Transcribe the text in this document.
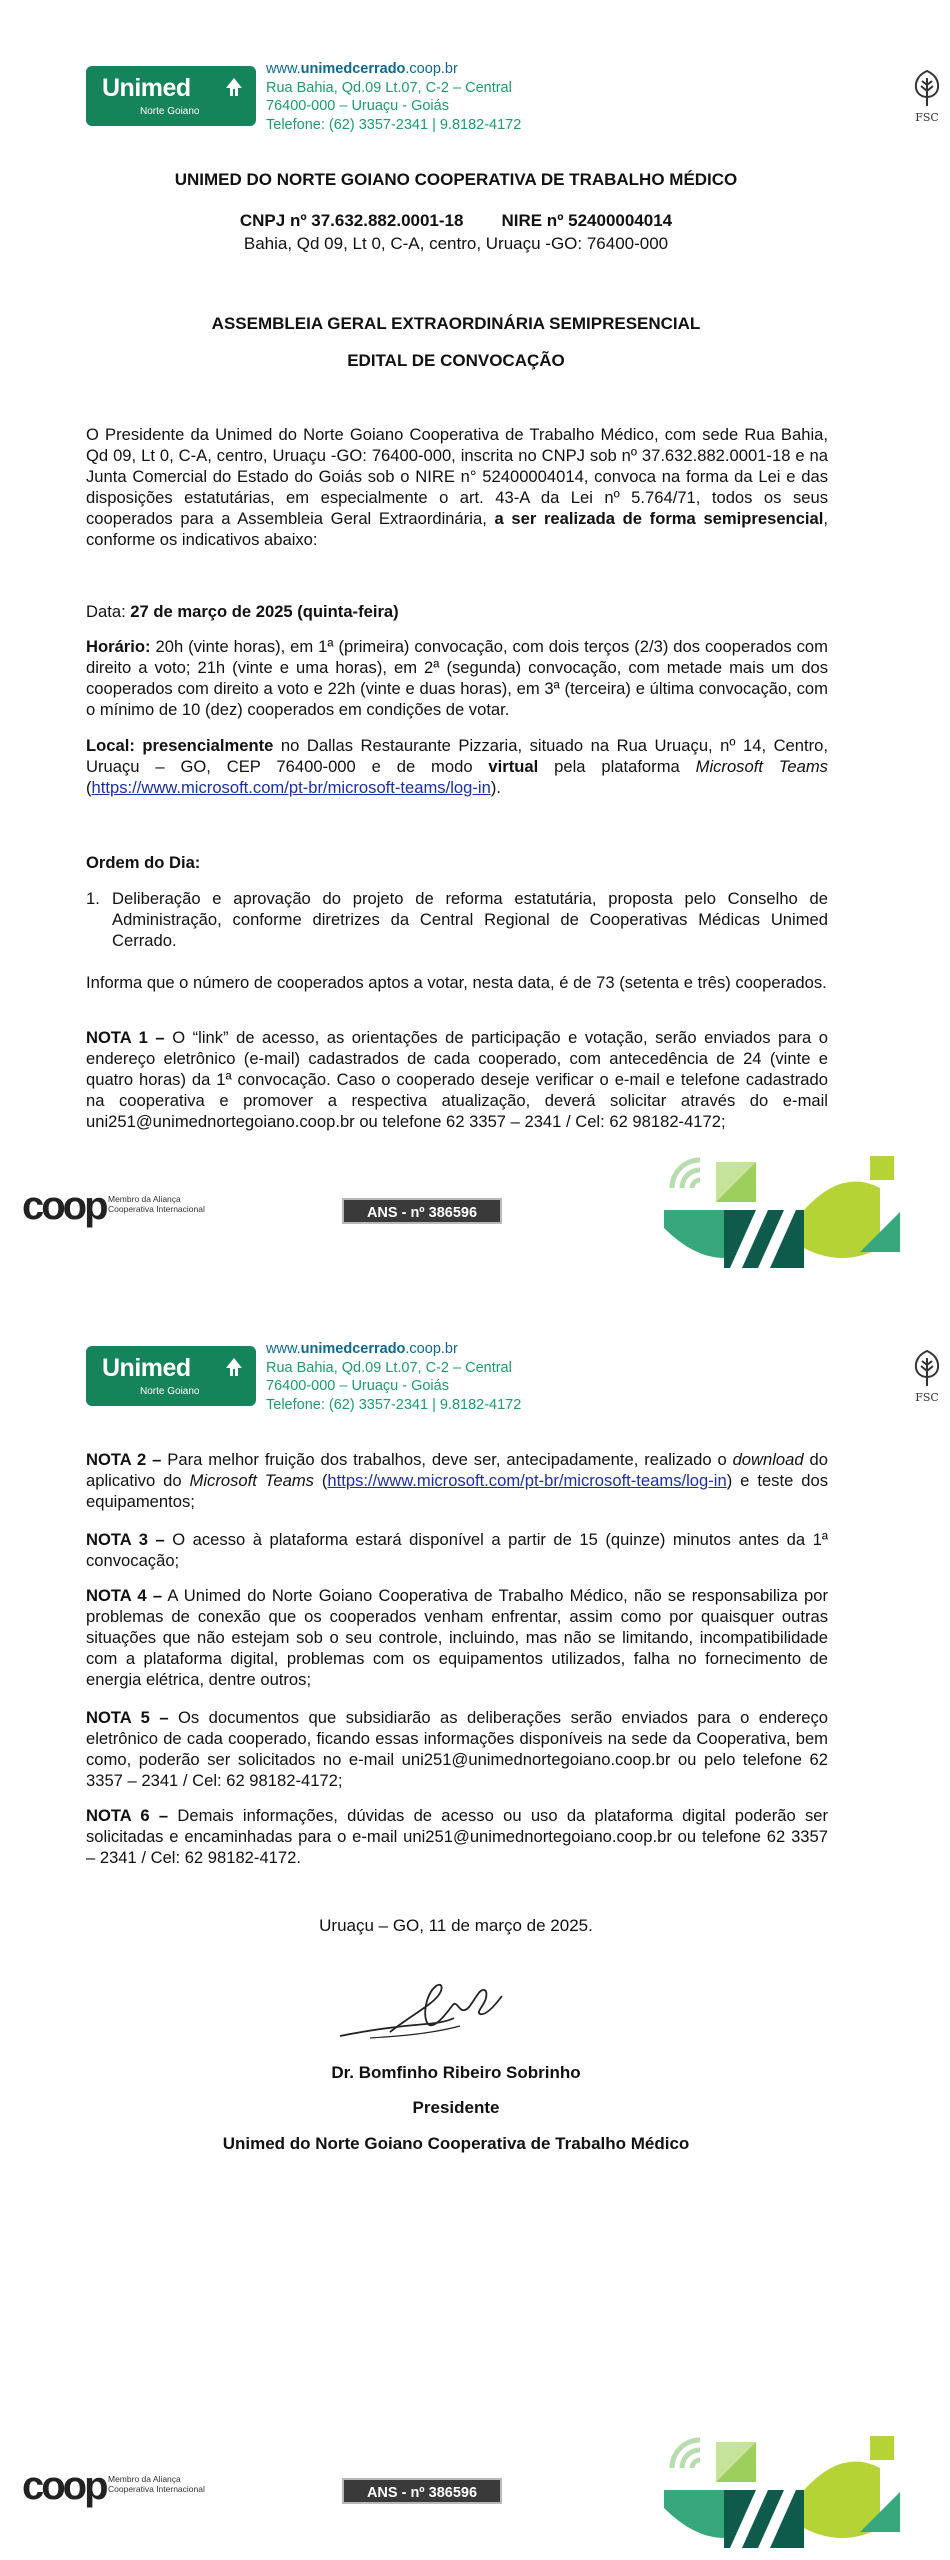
Unimed
Norte Goiano
www.unimedcerrado.coop.br
Rua Bahia, Qd.09 Lt.07, C-2 – Central
76400-000 – Uruaçu - Goiás
Telefone: (62) 3357-2341 | 9.8182-4172	FSC
UNIMED DO NORTE GOIANO COOPERATIVA DE TRABALHO MÉDICO
CNPJ nº 37.632.882.0001-18 NIRE nº 52400004014
Bahia, Qd 09, Lt 0, C-A, centro, Uruaçu -GO: 76400-000
ASSEMBLEIA GERAL EXTRAORDINÁRIA SEMIPRESENCIAL
EDITAL DE CONVOCAÇÃO

O Presidente da Unimed do Norte Goiano Cooperativa de Trabalho Médico, com sede Rua Bahia, Qd 09, Lt 0, C-A, centro, Uruaçu -GO: 76400-000, inscrita no CNPJ sob nº 37.632.882.0001-18 e na Junta Comercial do Estado do Goiás sob o NIRE n° 52400004014, convoca na forma da Lei e das disposições estatutárias, em especialmente o art. 43-A da Lei nº 5.764/71, todos os seus cooperados para a Assembleia Geral Extraordinária, a ser realizada de forma semipresencial, conforme os indicativos abaixo:

Data: 27 de março de 2025 (quinta-feira)

Horário: 20h (vinte horas), em 1ª (primeira) convocação, com dois terços (2/3) dos cooperados com direito a voto; 21h (vinte e uma horas), em 2ª (segunda) convocação, com metade mais um dos cooperados com direito a voto e 22h (vinte e duas horas), em 3ª (terceira) e última convocação, com o mínimo de 10 (dez) cooperados em condições de votar.

Local: presencialmente no Dallas Restaurante Pizzaria, situado na Rua Uruaçu, nº 14, Centro, Uruaçu – GO, CEP 76400-000 e de modo virtual pela plataforma Microsoft Teams (https://www.microsoft.com/pt-br/microsoft-teams/log-in).

Ordem do Dia:

1. Deliberação e aprovação do projeto de reforma estatutária, proposta pelo Conselho de Administração, conforme diretrizes da Central Regional de Cooperativas Médicas Unimed Cerrado.

Informa que o número de cooperados aptos a votar, nesta data, é de 73 (setenta e três) cooperados.

NOTA 1 – O “link” de acesso, as orientações de participação e votação, serão enviados para o endereço eletrônico (e-mail) cadastrados de cada cooperado, com antecedência de 24 (vinte e quatro horas) da 1ª convocação. Caso o cooperado deseje verificar o e-mail e telefone cadastrado na cooperativa e promover a respectiva atualização, deverá solicitar através do e-mail uni251@unimednortegoiano.coop.br ou telefone 62 3357 – 2341 / Cel: 62 98182-4172;

coop Membro da Aliança
Cooperativa Internacional	ANS - nº 386596
Unimed
Norte Goiano
www.unimedcerrado.coop.br
Rua Bahia, Qd.09 Lt.07, C-2 – Central
76400-000 – Uruaçu - Goiás
Telefone: (62) 3357-2341 | 9.8182-4172	FSC

NOTA 2 – Para melhor fruição dos trabalhos, deve ser, antecipadamente, realizado o download do aplicativo do Microsoft Teams (https://www.microsoft.com/pt-br/microsoft-teams/log-in) e teste dos equipamentos;

NOTA 3 – O acesso à plataforma estará disponível a partir de 15 (quinze) minutos antes da 1ª convocação;

NOTA 4 – A Unimed do Norte Goiano Cooperativa de Trabalho Médico, não se responsabiliza por problemas de conexão que os cooperados venham enfrentar, assim como por quaisquer outras situações que não estejam sob o seu controle, incluindo, mas não se limitando, incompatibilidade com a plataforma digital, problemas com os equipamentos utilizados, falha no fornecimento de energia elétrica, dentre outros;

NOTA 5 – Os documentos que subsidiarão as deliberações serão enviados para o endereço eletrônico de cada cooperado, ficando essas informações disponíveis na sede da Cooperativa, bem como, poderão ser solicitados no e-mail uni251@unimednortegoiano.coop.br ou pelo telefone 62 3357 – 2341 / Cel: 62 98182-4172;

NOTA 6 – Demais informações, dúvidas de acesso ou uso da plataforma digital poderão ser solicitadas e encaminhadas para o e-mail uni251@unimednortegoiano.coop.br ou telefone 62 3357 – 2341 / Cel: 62 98182-4172.

Uruaçu – GO, 11 de março de 2025.
Dr. Bomfinho Ribeiro Sobrinho
Presidente
Unimed do Norte Goiano Cooperativa de Trabalho Médico
coop Membro da Aliança
Cooperativa Internacional	ANS - nº 386596
